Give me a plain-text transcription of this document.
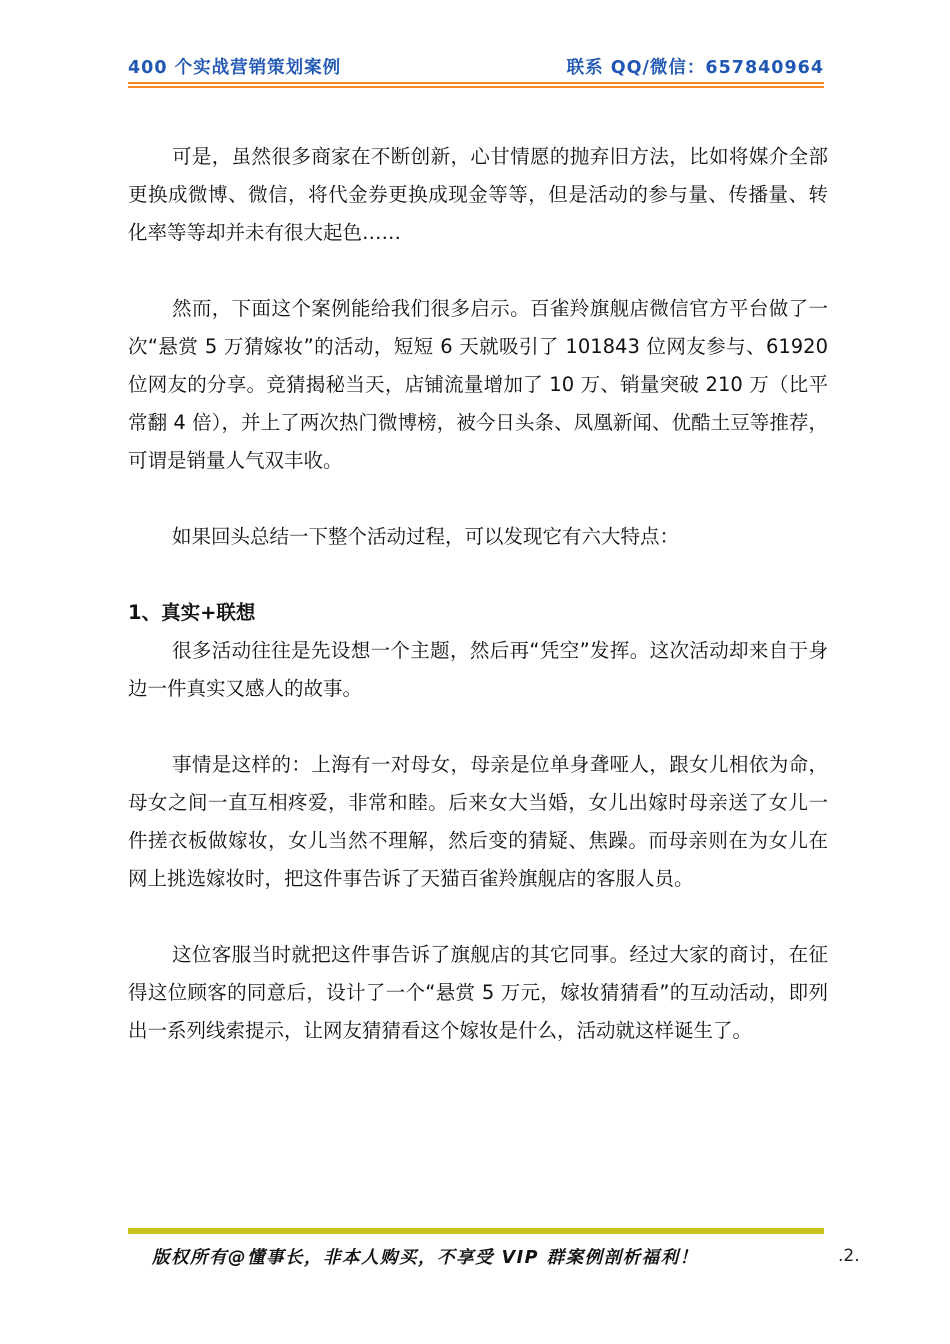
400 个实战营销策划案例	联系 QQ/微信：657840964

可是，虽然很多商家在不断创新，心甘情愿的抛弃旧方法，比如将媒介全部更换成微博、微信，将代金券更换成现金等等，但是活动的参与量、传播量、转化率等等却并未有很大起色……

然而，下面这个案例能给我们很多启示。百雀羚旗舰店微信官方平台做了一次“悬赏 5 万猜嫁妆”的活动，短短 6 天就吸引了 101843 位网友参与、61920 位网友的分享。竞猜揭秘当天，店铺流量增加了 10 万、销量突破 210 万（比平常翻 4 倍），并上了两次热门微博榜，被今日头条、凤凰新闻、优酷土豆等推荐，可谓是销量人气双丰收。

如果回头总结一下整个活动过程，可以发现它有六大特点：

1、真实+联想

很多活动往往是先设想一个主题，然后再“凭空”发挥。这次活动却来自于身边一件真实又感人的故事。

事情是这样的：上海有一对母女，母亲是位单身聋哑人，跟女儿相依为命，母女之间一直互相疼爱，非常和睦。后来女大当婚，女儿出嫁时母亲送了女儿一件搓衣板做嫁妆，女儿当然不理解，然后变的猜疑、焦躁。而母亲则在为女儿在网上挑选嫁妆时，把这件事告诉了天猫百雀羚旗舰店的客服人员。

这位客服当时就把这件事告诉了旗舰店的其它同事。经过大家的商讨，在征得这位顾客的同意后，设计了一个“悬赏 5 万元，嫁妆猜猜看”的互动活动，即列出一系列线索提示，让网友猜猜看这个嫁妆是什么，活动就这样诞生了。

版权所有@懂事长，非本人购买，不享受 VIP 群案例剖析福利！	.2.
